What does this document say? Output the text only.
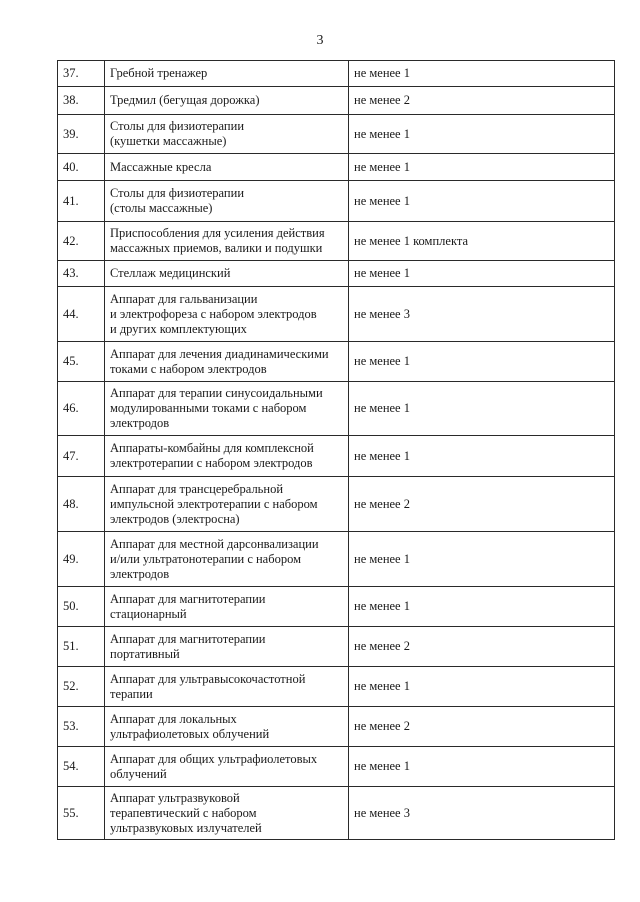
3
37.	Гребной тренажер	не менее 1
38.	Тредмил (бегущая дорожка)	не менее 2
39.	Столы для физиотерапии
(кушетки массажные)	не менее 1
40.	Массажные кресла	не менее 1
41.	Столы для физиотерапии
(столы массажные)	не менее 1
42.	Приспособления для усиления действия
массажных приемов, валики и подушки	не менее 1 комплекта
43.	Стеллаж медицинский	не менее 1
44.	Аппарат для гальванизации
и электрофореза с набором электродов
и других комплектующих	не менее 3
45.	Аппарат для лечения диадинамическими
токами с набором электродов	не менее 1
46.	Аппарат для терапии синусоидальными
модулированными токами с набором
электродов	не менее 1
47.	Аппараты-комбайны для комплексной
электротерапии с набором электродов	не менее 1
48.	Аппарат для трансцеребральной
импульсной электротерапии с набором
электродов (электросна)	не менее 2
49.	Аппарат для местной дарсонвализации
и/или ультратонотерапии с набором
электродов	не менее 1
50.	Аппарат для магнитотерапии
стационарный	не менее 1
51.	Аппарат для магнитотерапии
портативный	не менее 2
52.	Аппарат для ультравысокочастотной
терапии	не менее 1
53.	Аппарат для локальных
ультрафиолетовых облучений	не менее 2
54.	Аппарат для общих ультрафиолетовых
облучений	не менее 1
55.	Аппарат ультразвуковой
терапевтический с набором
ультразвуковых излучателей	не менее 3
